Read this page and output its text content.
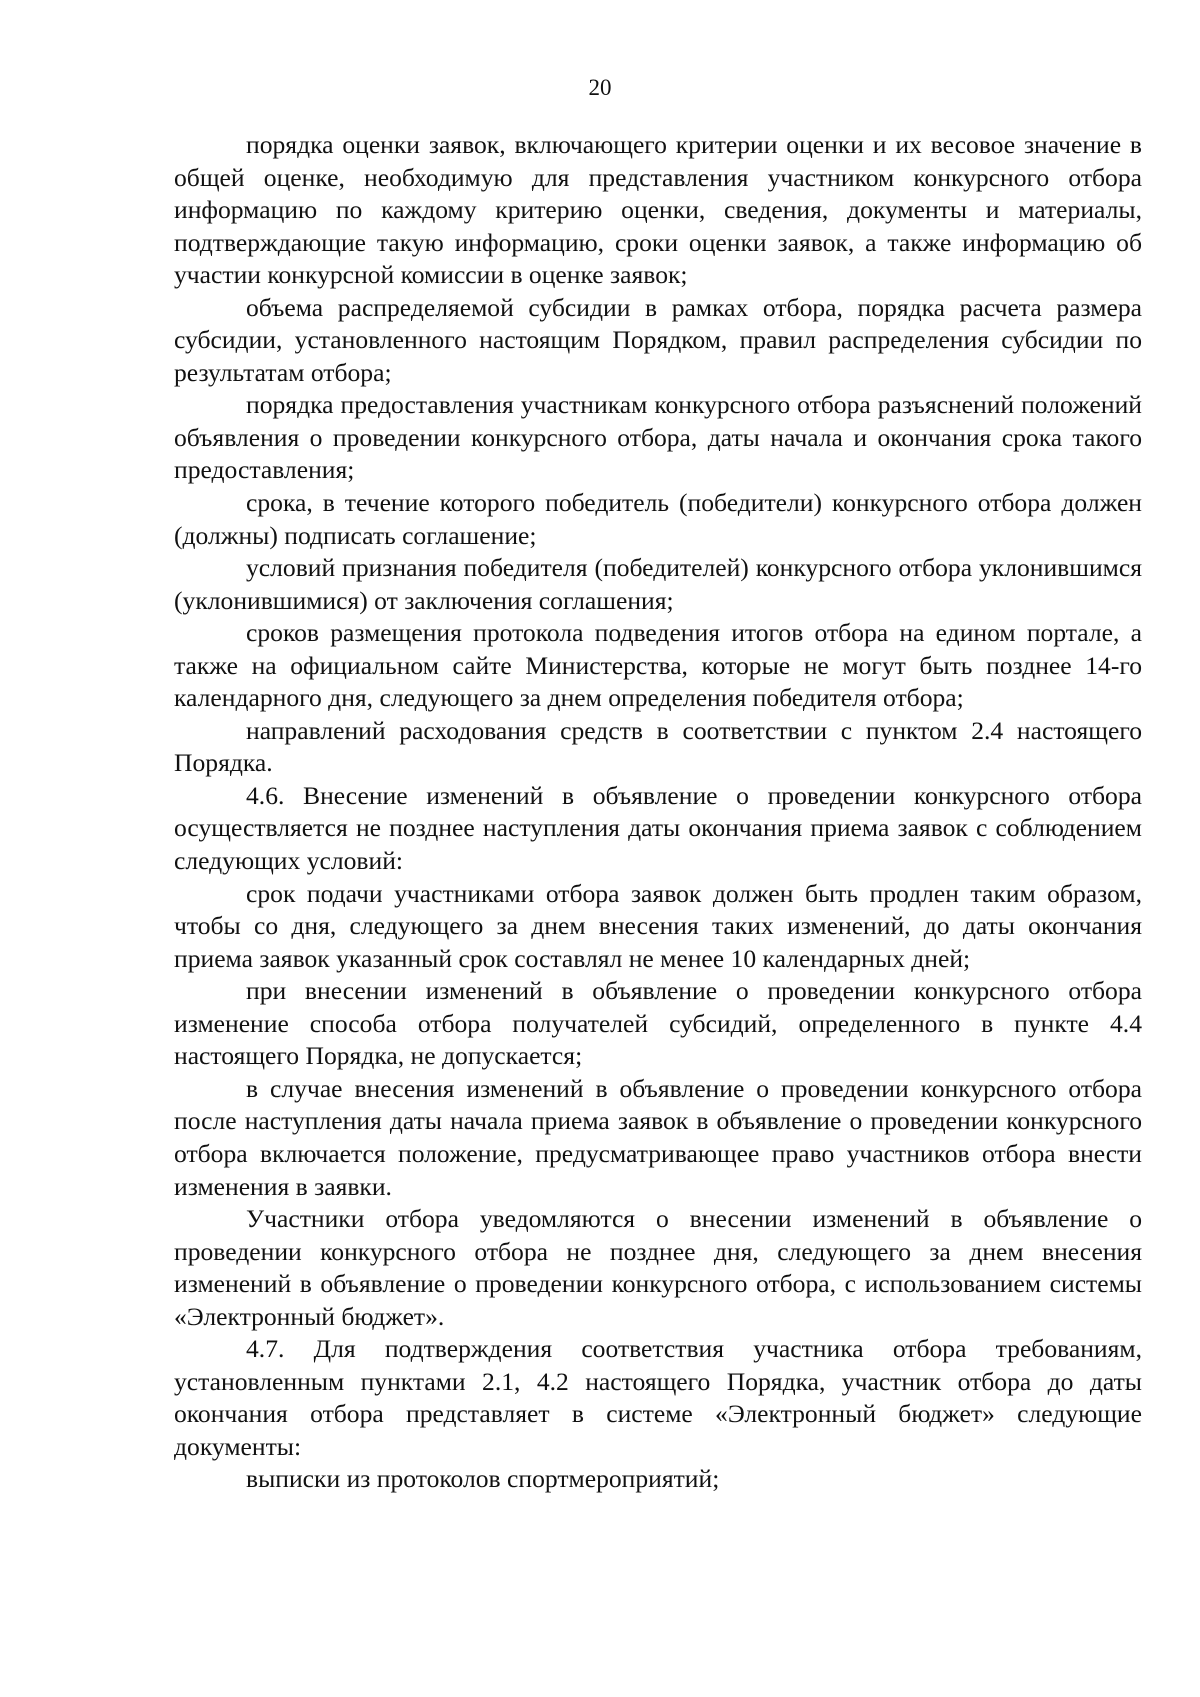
20

порядка оценки заявок, включающего критерии оценки и их весовое значение в общей оценке, необходимую для представления участником конкурсного отбора информацию по каждому критерию оценки, сведения, документы и материалы, подтверждающие такую информацию, сроки оценки заявок, а также информацию об участии конкурсной комиссии в оценке заявок;

объема распределяемой субсидии в рамках отбора, порядка расчета размера субсидии, установленного настоящим Порядком, правил распределения субсидии по результатам отбора;

порядка предоставления участникам конкурсного отбора разъяснений положений объявления о проведении конкурсного отбора, даты начала и окончания срока такого предоставления;

срока, в течение которого победитель (победители) конкурсного отбора должен (должны) подписать соглашение;

условий признания победителя (победителей) конкурсного отбора уклонившимся (уклонившимися) от заключения соглашения;

сроков размещения протокола подведения итогов отбора на едином портале, а также на официальном сайте Министерства, которые не могут быть позднее 14-го календарного дня, следующего за днем определения победителя отбора;

направлений расходования средств в соответствии с пунктом 2.4 настоящего Порядка.

4.6. Внесение изменений в объявление о проведении конкурсного отбора осуществляется не позднее наступления даты окончания приема заявок с соблюдением следующих условий:

срок подачи участниками отбора заявок должен быть продлен таким образом, чтобы со дня, следующего за днем внесения таких изменений, до даты окончания приема заявок указанный срок составлял не менее 10 календарных дней;

при внесении изменений в объявление о проведении конкурсного отбора изменение способа отбора получателей субсидий, определенного в пункте 4.4 настоящего Порядка, не допускается;

в случае внесения изменений в объявление о проведении конкурсного отбора после наступления даты начала приема заявок в объявление о проведении конкурсного отбора включается положение, предусматривающее право участников отбора внести изменения в заявки.

Участники отбора уведомляются о внесении изменений в объявление о проведении конкурсного отбора не позднее дня, следующего за днем внесения изменений в объявление о проведении конкурсного отбора, с использованием системы «Электронный бюджет».

4.7. Для подтверждения соответствия участника отбора требованиям, установленным пунктами 2.1, 4.2 настоящего Порядка, участник отбора до даты окончания отбора представляет в системе «Электронный бюджет» следующие документы:

выписки из протоколов спортмероприятий;
